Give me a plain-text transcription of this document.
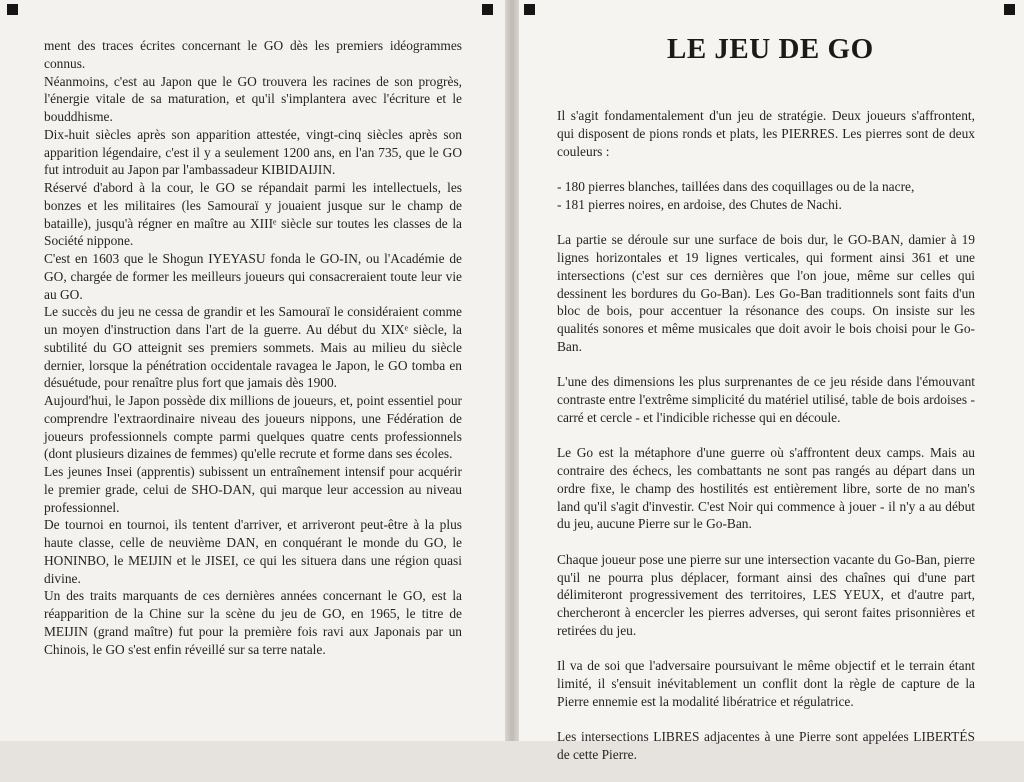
ment des traces écrites concernant le GO dès les premiers idéogrammes connus.

Néanmoins, c'est au Japon que le GO trouvera les racines de son progrès, l'énergie vitale de sa maturation, et qu'il s'implantera avec l'écriture et le bouddhisme.

Dix-huit siècles après son apparition attestée, vingt-cinq siècles après son apparition légendaire, c'est il y a seulement 1200 ans, en l'an 735, que le GO fut introduit au Japon par l'ambassadeur KIBIDAIJIN.

Réservé d'abord à la cour, le GO se répandait parmi les intellectuels, les bonzes et les militaires (les Samouraï y jouaient jusque sur le champ de bataille), jusqu'à régner en maître au XIIIᵉ siècle sur toutes les classes de la Société nippone.

C'est en 1603 que le Shogun IYEYASU fonda le GO-IN, ou l'Académie de GO, chargée de former les meilleurs joueurs qui consacreraient toute leur vie au GO.

Le succès du jeu ne cessa de grandir et les Samouraï le considéraient comme un moyen d'instruction dans l'art de la guerre. Au début du XIXᵉ siècle, la subtilité du GO atteignit ses premiers sommets. Mais au milieu du siècle dernier, lorsque la pénétration occidentale ravagea le Japon, le GO tomba en désuétude, pour renaître plus fort que jamais dès 1900.

Aujourd'hui, le Japon possède dix millions de joueurs, et, point essentiel pour comprendre l'extraordinaire niveau des joueurs nippons, une Fédération de joueurs professionnels compte parmi quelques quatre cents professionnels (dont plusieurs dizaines de femmes) qu'elle recrute et forme dans ses écoles.

Les jeunes Insei (apprentis) subissent un entraînement intensif pour acquérir le premier grade, celui de SHO-DAN, qui marque leur accession au niveau professionnel.

De tournoi en tournoi, ils tentent d'arriver, et arriveront peut-être à la plus haute classe, celle de neuvième DAN, en conquérant le monde du GO, le HONINBO, le MEIJIN et le JISEI, ce qui les situera dans une région quasi divine.

Un des traits marquants de ces dernières années concernant le GO, est la réapparition de la Chine sur la scène du jeu de GO, en 1965, le titre de MEIJIN (grand maître) fut pour la première fois ravi aux Japonais par un Chinois, le GO s'est enfin réveillé sur sa terre natale.

LE JEU DE GO

Il s'agit fondamentalement d'un jeu de stratégie. Deux joueurs s'affrontent, qui disposent de pions ronds et plats, les PIERRES. Les pierres sont de deux couleurs :

- 180 pierres blanches, taillées dans des coquillages ou de la nacre,

- 181 pierres noires, en ardoise, des Chutes de Nachi.

La partie se déroule sur une surface de bois dur, le GO-BAN, damier à 19 lignes horizontales et 19 lignes verticales, qui forment ainsi 361 et une intersections (c'est sur ces dernières que l'on joue, même sur celles qui dessinent les bordures du Go-Ban). Les Go-Ban traditionnels sont faits d'un bloc de bois, pour accentuer la résonance des coups. On insiste sur les qualités sonores et même musicales que doit avoir le bois choisi pour le Go-Ban.

L'une des dimensions les plus surprenantes de ce jeu réside dans l'émouvant contraste entre l'extrême simplicité du matériel utilisé, table de bois ardoises - carré et cercle - et l'indicible richesse qui en découle.

Le Go est la métaphore d'une guerre où s'affrontent deux camps. Mais au contraire des échecs, les combattants ne sont pas rangés au départ dans un ordre fixe, le champ des hostilités est entièrement libre, sorte de no man's land qu'il s'agit d'investir. C'est Noir qui commence à jouer - il n'y a au début du jeu, aucune Pierre sur le Go-Ban.

Chaque joueur pose une pierre sur une intersection vacante du Go-Ban, pierre qu'il ne pourra plus déplacer, formant ainsi des chaînes qui d'une part délimiteront progressivement des territoires, LES YEUX, et d'autre part, chercheront à encercler les pierres adverses, qui seront faites prisonnières et retirées du jeu.

Il va de soi que l'adversaire poursuivant le même objectif et le terrain étant limité, il s'ensuit inévitablement un conflit dont la règle de capture de la Pierre ennemie est la modalité libératrice et régulatrice.

Les intersections LIBRES adjacentes à une Pierre sont appelées LIBERTÉS de cette Pierre.
